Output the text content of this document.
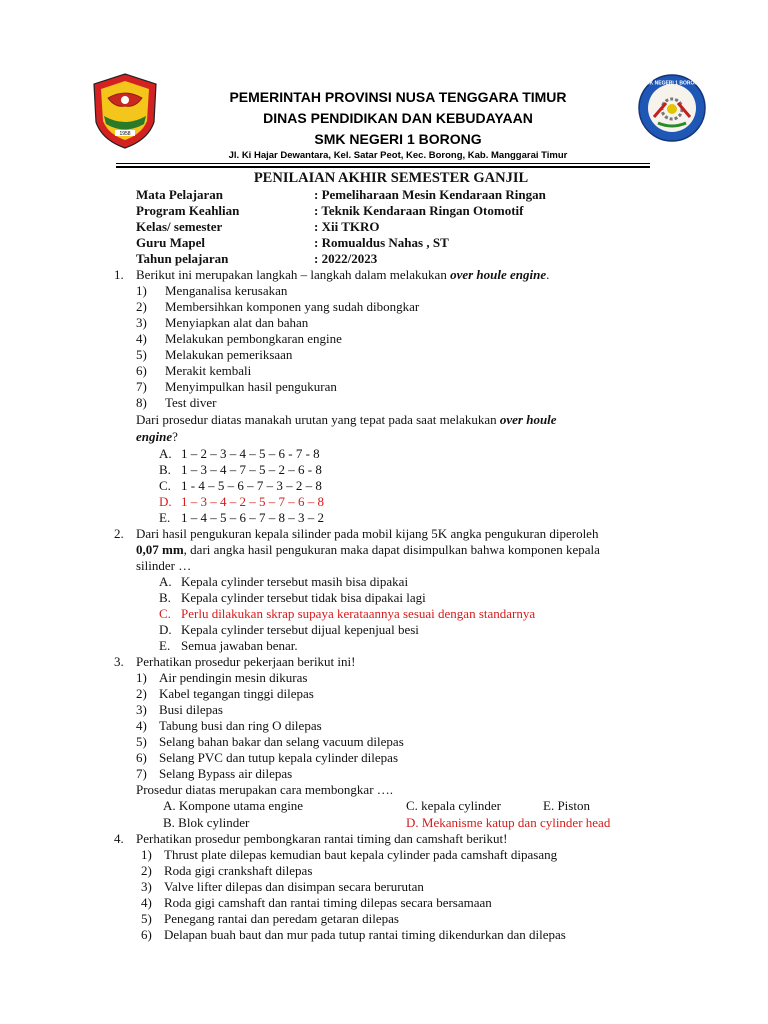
1958
SMK NEGERI 1 BORONG
PEMERINTAH PROVINSI NUSA TENGGARA TIMUR
DINAS PENDIDIKAN DAN KEBUDAYAAN
SMK NEGERI 1 BORONG
Jl. Ki Hajar Dewantara, Kel. Satar Peot, Kec. Borong, Kab. Manggarai Timur
PENILAIAN AKHIR SEMESTER GANJIL
Mata Pelajaran	: Pemeliharaan Mesin Kendaraan Ringan
Program Keahlian	: Teknik Kendaraan Ringan Otomotif
Kelas/ semester	: Xii TKRO
Guru Mapel	: Romualdus Nahas , ST
Tahun pelajaran	: 2022/2023
1. Berikut ini merupakan langkah – langkah dalam melakukan over houle engine.
1) Menganalisa kerusakan
2) Membersihkan komponen yang sudah dibongkar
3) Menyiapkan alat dan bahan
4) Melakukan pembongkaran engine
5) Melakukan pemeriksaan
6) Merakit kembali
7) Menyimpulkan hasil pengukuran
8) Test diver
Dari prosedur diatas manakah urutan yang tepat pada saat melakukan over houle
engine?
A. 1 – 2 – 3 – 4 – 5 – 6 - 7 - 8
B. 1 – 3 – 4 – 7 – 5 – 2 – 6 - 8
C. 1 - 4 – 5 – 6 – 7 – 3 – 2 – 8
D. 1 – 3 – 4 – 2 – 5 – 7 – 6 – 8
E. 1 – 4 – 5 – 6 – 7 – 8 – 3 – 2
2. Dari hasil pengukuran kepala silinder pada mobil kijang 5K angka pengukuran diperoleh
0,07 mm, dari angka hasil pengukuran maka dapat disimpulkan bahwa komponen kepala
silinder …
A. Kepala cylinder tersebut masih bisa dipakai
B. Kepala cylinder tersebut tidak bisa dipakai lagi
C. Perlu dilakukan skrap supaya kerataannya sesuai dengan standarnya
D. Kepala cylinder tersebut dijual kepenjual besi
E. Semua jawaban benar.
3. Perhatikan prosedur pekerjaan berikut ini!
1) Air pendingin mesin dikuras
2) Kabel tegangan tinggi dilepas
3) Busi dilepas
4) Tabung busi dan ring O dilepas
5) Selang bahan bakar dan selang vacuum dilepas
6) Selang PVC dan tutup kepala cylinder dilepas
7) Selang Bypass air dilepas
Prosedur diatas merupakan cara membongkar ….
A. Kompone utama engine	C. kepala cylinder	E. Piston
B. Blok cylinder	D. Mekanisme katup dan cylinder head
4. Perhatikan prosedur pembongkaran rantai timing dan camshaft berikut!
1) Thrust plate dilepas kemudian baut kepala cylinder pada camshaft dipasang
2) Roda gigi crankshaft dilepas
3) Valve lifter dilepas dan disimpan secara berurutan
4) Roda gigi camshaft dan rantai timing dilepas secara bersamaan
5) Penegang rantai dan peredam getaran dilepas
6) Delapan buah baut dan mur pada tutup rantai timing dikendurkan dan dilepas
